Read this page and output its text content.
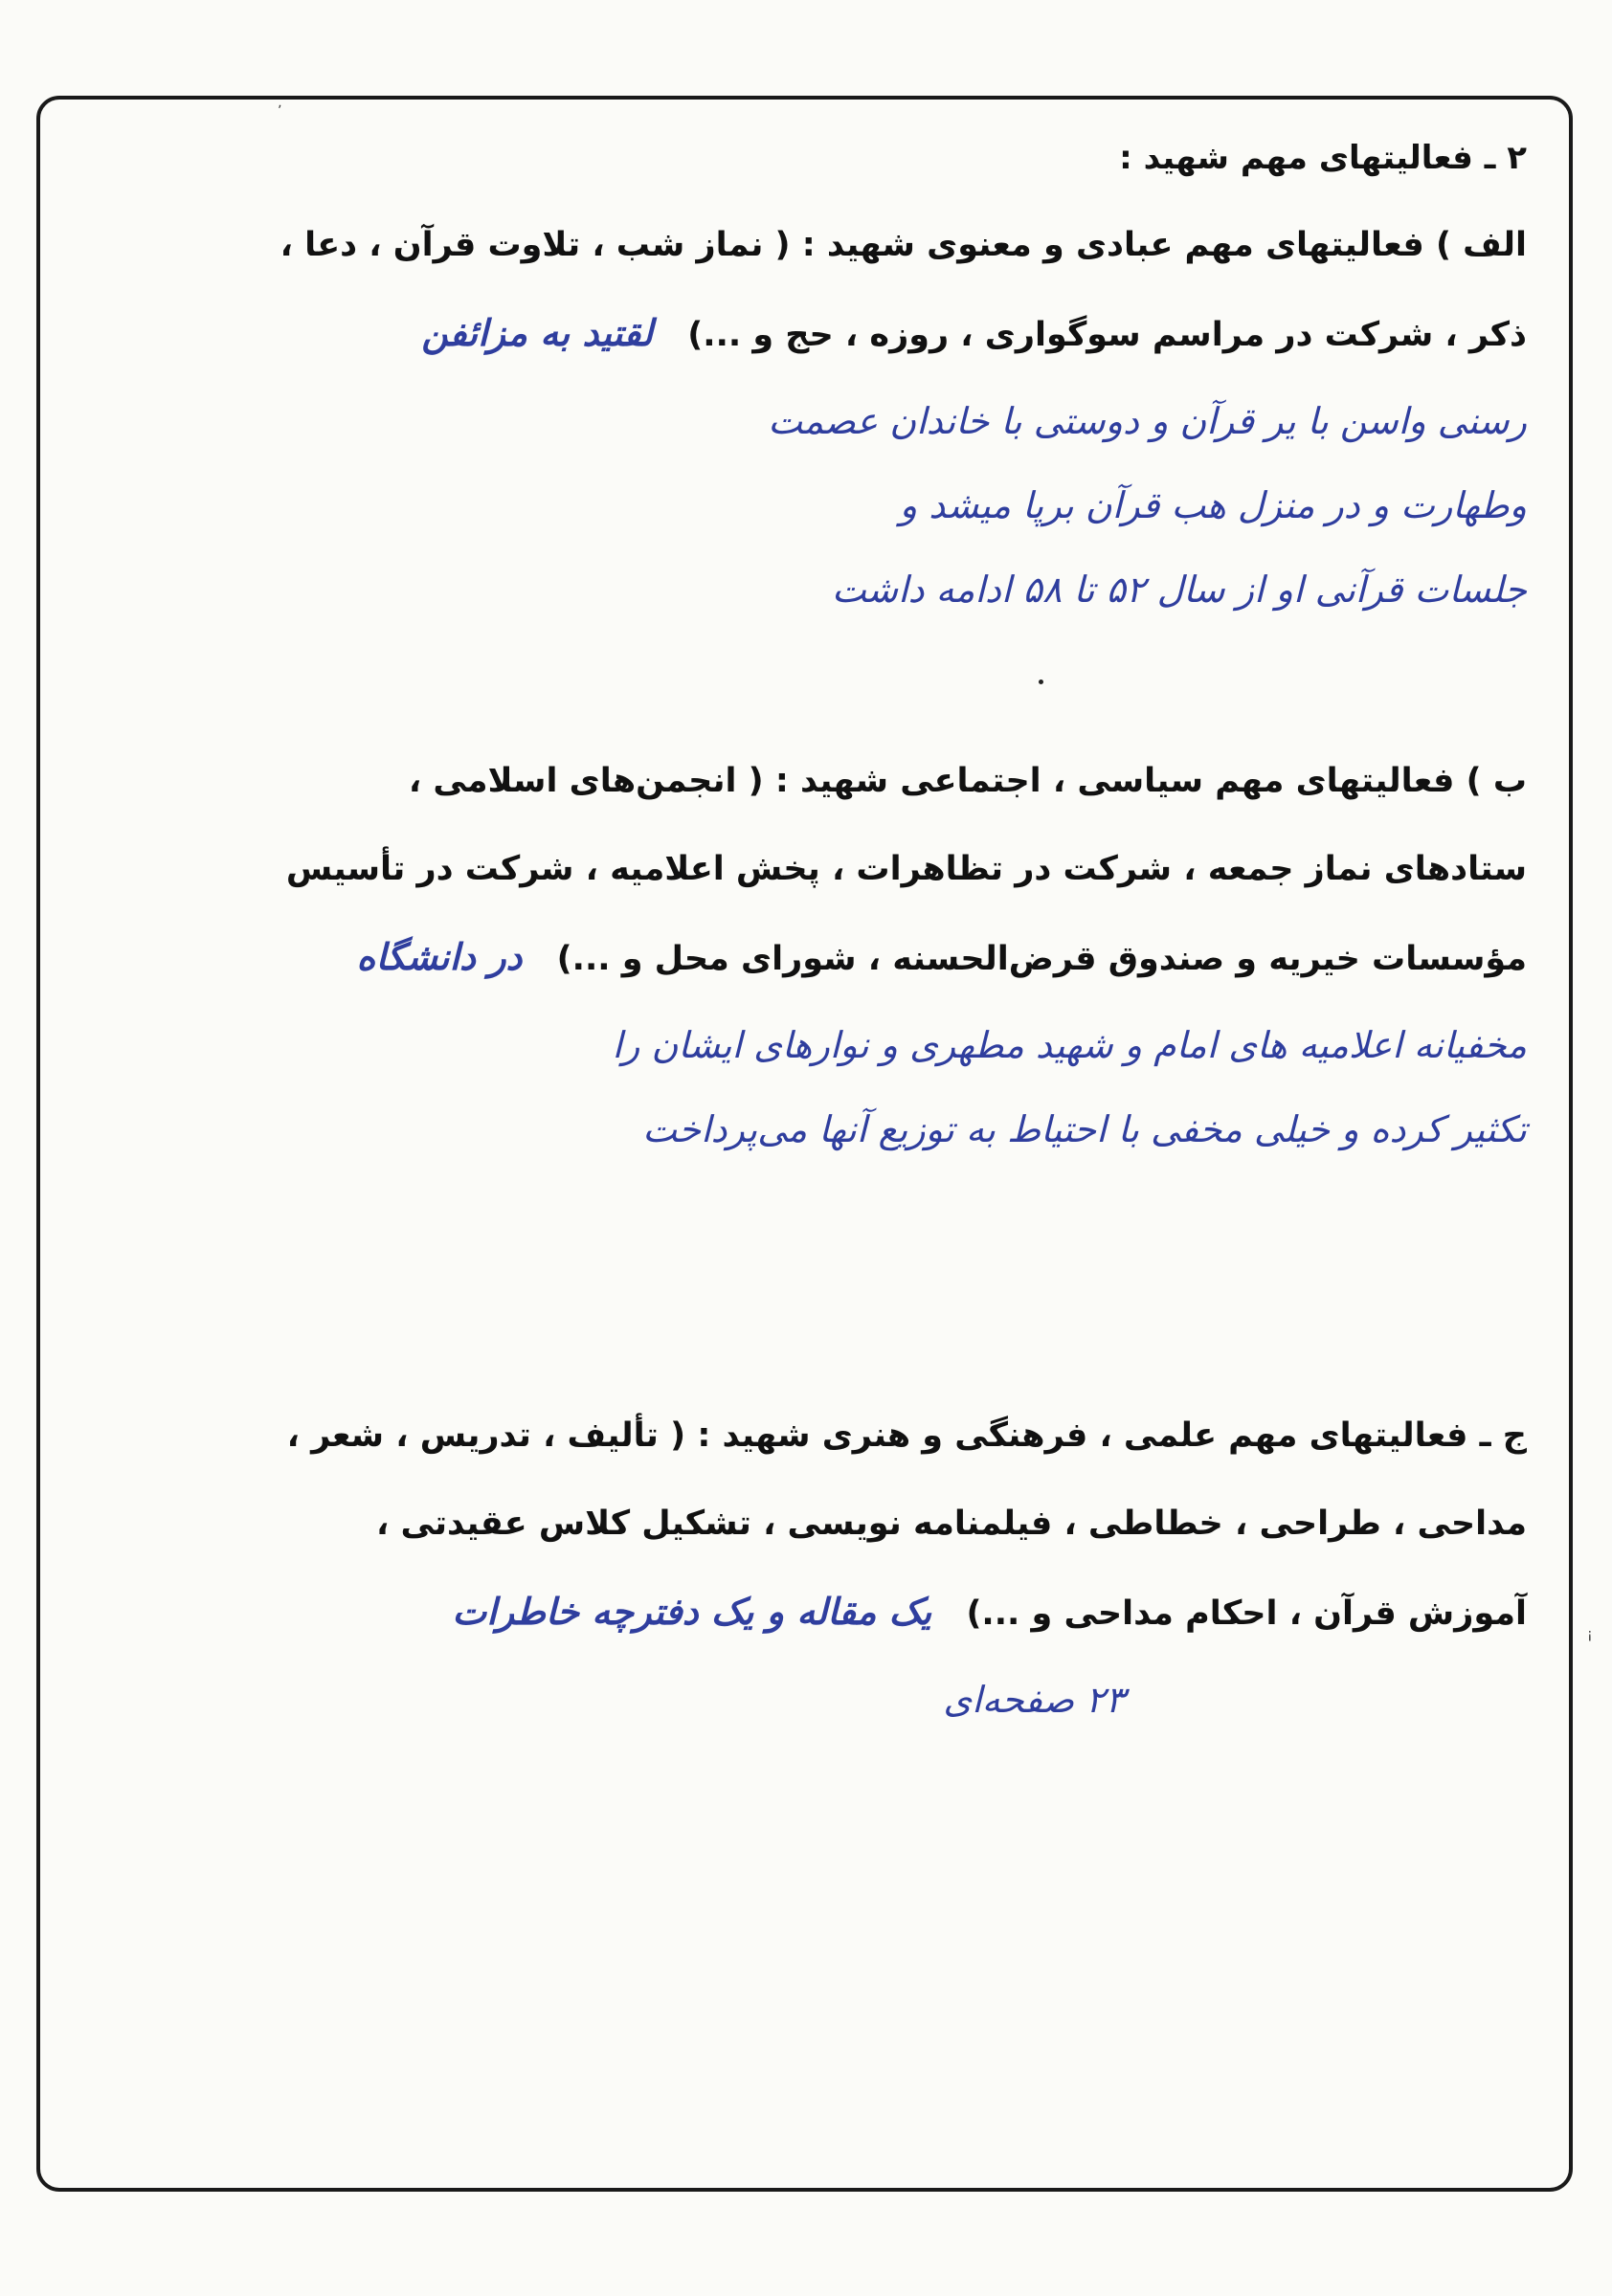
ʼ
¡
۲ ـ فعالیتهای مهم شهید :
الف ) فعالیتهای مهم عبادی و معنوی شهید : ( نماز شب ، تلاوت قرآن ، دعا ،
ذکر ، شرکت در مراسم سوگواری ، روزه ، حج و ...) لقتید به مزائفن
رسنی واسن با یر قرآن و دوستی با خاندان عصمت
وطهارت و در منزل هب قرآن برپا میشد و
جلسات قرآنی او از سال ۵۲ تا ۵۸ ادامه داشت
ب ) فعالیتهای مهم سیاسی ، اجتماعی شهید : ( انجمن‌های اسلامی ،
ستادهای نماز جمعه ، شرکت در تظاهرات ، پخش اعلامیه ، شرکت در تأسیس
مؤسسات خیریه و صندوق قرض‌الحسنه ، شورای محل و ...) در دانشگاه
مخفیانه اعلامیه های امام و شهید مطهری و نوارهای ایشان را
تکثیر کرده و خیلی مخفی با احتیاط به توزیع آنها می‌پرداخت
ج ـ فعالیتهای مهم علمی ، فرهنگی و هنری شهید : ( تألیف ، تدریس ، شعر ،
مداحی ، طراحی ، خطاطی ، فیلمنامه نویسی ، تشکیل کلاس عقیدتی ،
آموزش قرآن ، احکام مداحی و ...) یک مقاله و یک دفترچه خاطرات
۲۳ صفحه‌ای
